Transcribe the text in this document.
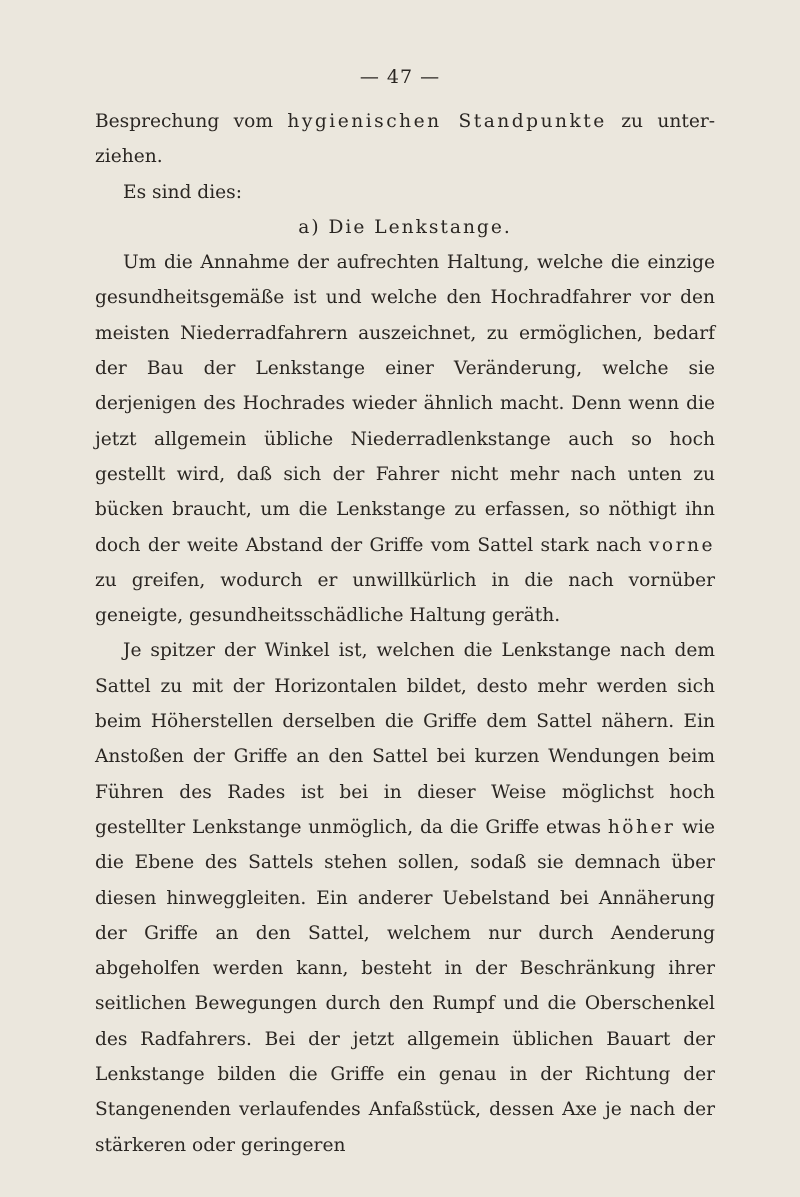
— 47 —

Besprechung vom hygienischen Standpunkte zu unter-ziehen.

Es sind dies:

a) Die Lenkstange.

Um die Annahme der aufrechten Haltung, welche die einzige gesundheitsgemäße ist und welche den Hochradfahrer vor den meisten Niederradfahrern auszeichnet, zu ermöglichen, bedarf der Bau der Lenkstange einer Veränderung, welche sie derjenigen des Hochrades wieder ähnlich macht. Denn wenn die jetzt allgemein übliche Niederradlenkstange auch so hoch gestellt wird, daß sich der Fahrer nicht mehr nach unten zu bücken braucht, um die Lenkstange zu erfassen, so nöthigt ihn doch der weite Abstand der Griffe vom Sattel stark nach vorne zu greifen, wodurch er unwillkürlich in die nach vornüber geneigte, gesundheitsschädliche Haltung geräth.

Je spitzer der Winkel ist, welchen die Lenkstange nach dem Sattel zu mit der Horizontalen bildet, desto mehr werden sich beim Höherstellen derselben die Griffe dem Sattel nähern. Ein Anstoßen der Griffe an den Sattel bei kurzen Wendungen beim Führen des Rades ist bei in dieser Weise möglichst hoch gestellter Lenkstange unmöglich, da die Griffe etwas höher wie die Ebene des Sattels stehen sollen, sodaß sie demnach über diesen hinweggleiten. Ein anderer Uebelstand bei Annäherung der Griffe an den Sattel, welchem nur durch Aenderung abgeholfen werden kann, besteht in der Beschränkung ihrer seitlichen Bewegungen durch den Rumpf und die Oberschenkel des Radfahrers. Bei der jetzt allgemein üblichen Bauart der Lenkstange bilden die Griffe ein genau in der Richtung der Stangenenden verlaufendes Anfaßstück, dessen Axe je nach der stärkeren oder geringeren
